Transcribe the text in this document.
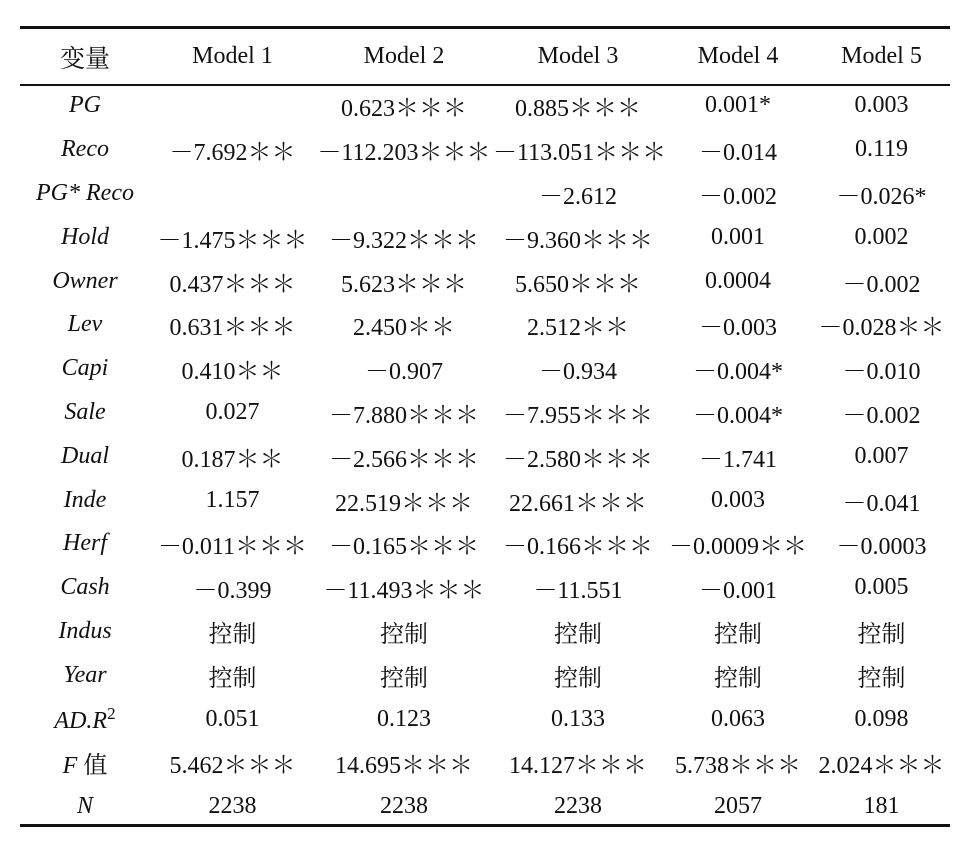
变量	Model 1	Model 2	Model 3	Model 4	Model 5
PG		0.623＊＊＊	0.885＊＊＊	0.001*	0.003
Reco	－7.692＊＊	－112.203＊＊＊	－113.051＊＊＊	－0.014	0.119
PG* Reco			－2.612	－0.002	－0.026*
Hold	－1.475＊＊＊	－9.322＊＊＊	－9.360＊＊＊	0.001	0.002
Owner	0.437＊＊＊	5.623＊＊＊	5.650＊＊＊	0.0004	－0.002
Lev	0.631＊＊＊	2.450＊＊	2.512＊＊	－0.003	－0.028＊＊
Capi	0.410＊＊	－0.907	－0.934	－0.004*	－0.010
Sale	0.027	－7.880＊＊＊	－7.955＊＊＊	－0.004*	－0.002
Dual	0.187＊＊	－2.566＊＊＊	－2.580＊＊＊	－1.741	0.007
Inde	1.157	22.519＊＊＊	22.661＊＊＊	0.003	－0.041
Herf	－0.011＊＊＊	－0.165＊＊＊	－0.166＊＊＊	－0.0009＊＊	－0.0003
Cash	－0.399	－11.493＊＊＊	－11.551	－0.001	0.005
Indus	控制	控制	控制	控制	控制
Year	控制	控制	控制	控制	控制
$AD.R^2$	0.051	0.123	0.133	0.063	0.098
F 值	5.462＊＊＊	14.695＊＊＊	14.127＊＊＊	5.738＊＊＊	2.024＊＊＊
N	2238	2238	2238	2057	181
